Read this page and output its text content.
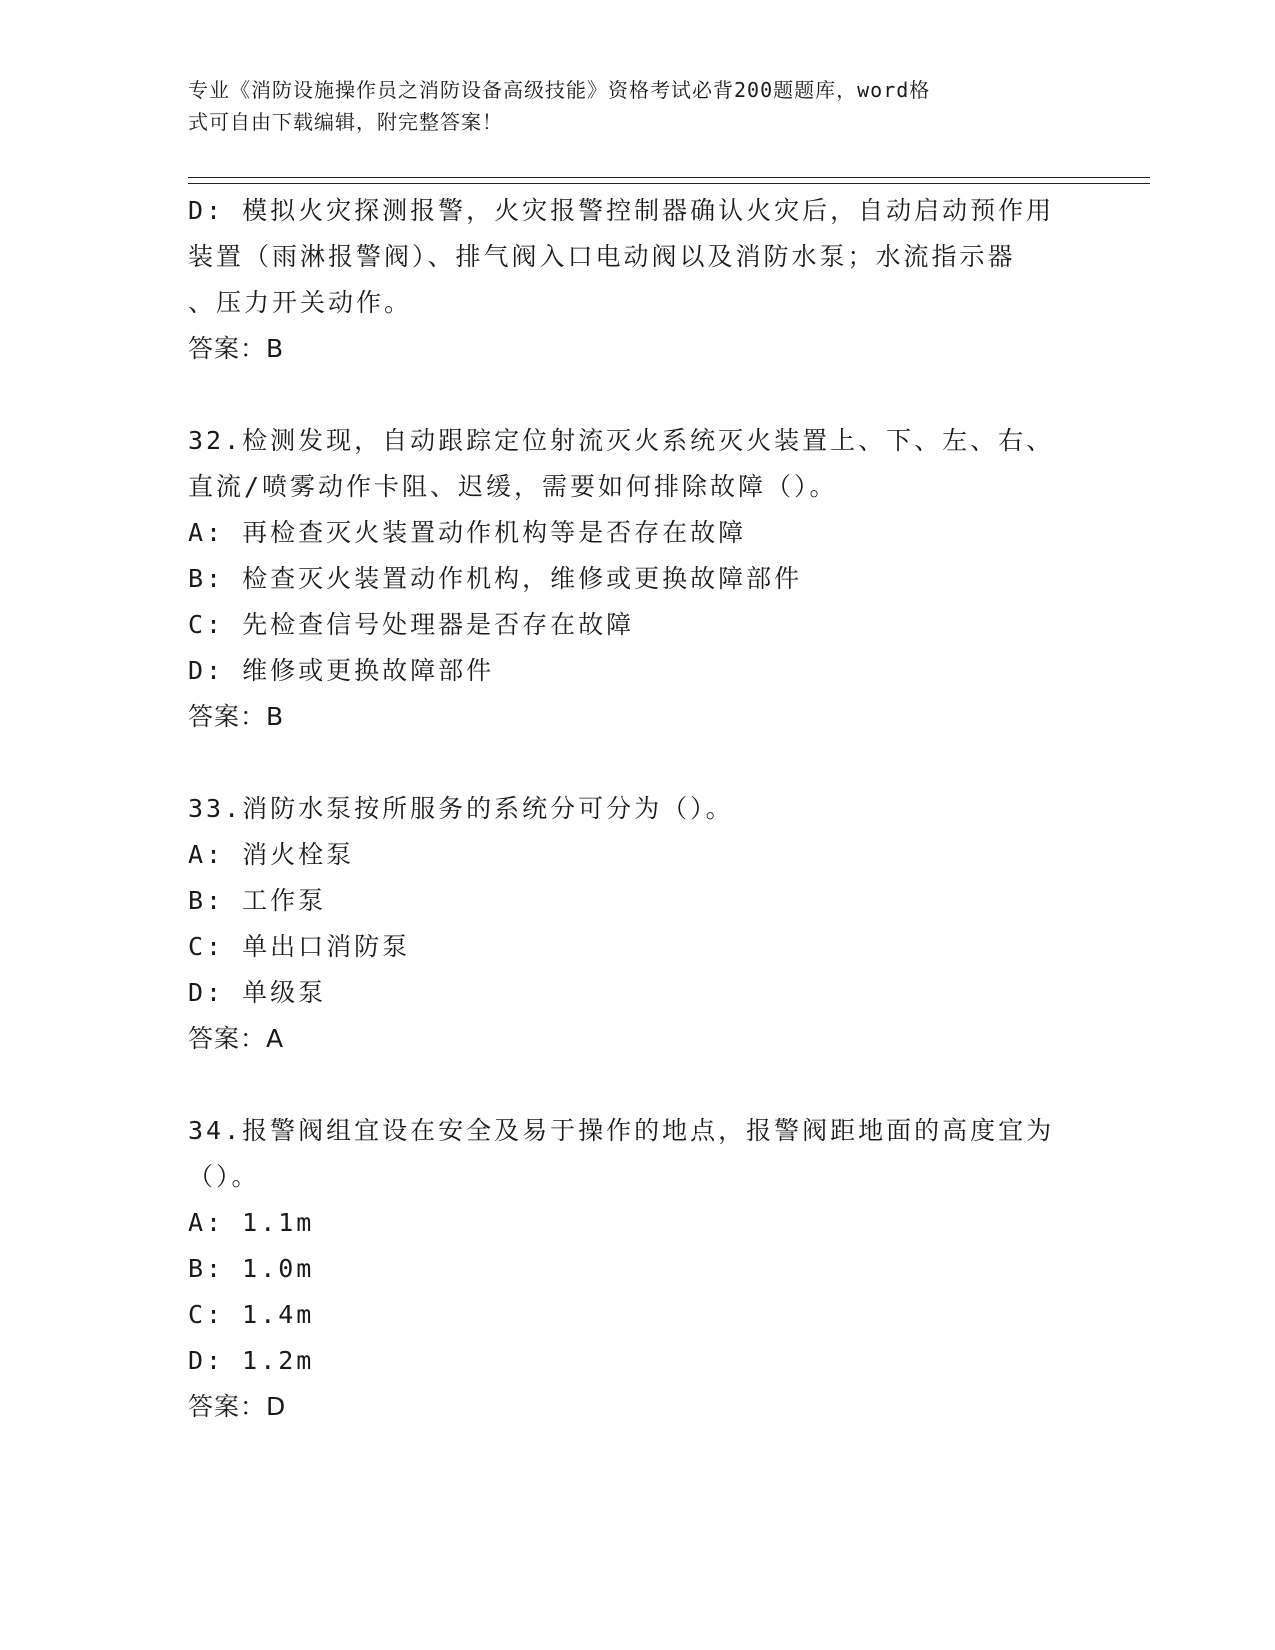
专业《消防设施操作员之消防设备高级技能》资格考试必背200题题库，word格
式可自由下载编辑，附完整答案！
D: 模拟火灾探测报警，火灾报警控制器确认火灾后，自动启动预作用
装置（雨淋报警阀）、排气阀入口电动阀以及消防水泵；水流指示器
、压力开关动作。
答案：B
32.检测发现，自动跟踪定位射流灭火系统灭火装置上、下、左、右、
直流/喷雾动作卡阻、迟缓，需要如何排除故障（）。
A: 再检查灭火装置动作机构等是否存在故障
B: 检查灭火装置动作机构，维修或更换故障部件
C: 先检查信号处理器是否存在故障
D: 维修或更换故障部件
答案：B
33.消防水泵按所服务的系统分可分为（）。
A: 消火栓泵
B: 工作泵
C: 单出口消防泵
D: 单级泵
答案：A
34.报警阀组宜设在安全及易于操作的地点，报警阀距地面的高度宜为
（）。
A: 1.1m
B: 1.0m
C: 1.4m
D: 1.2m
答案：D
